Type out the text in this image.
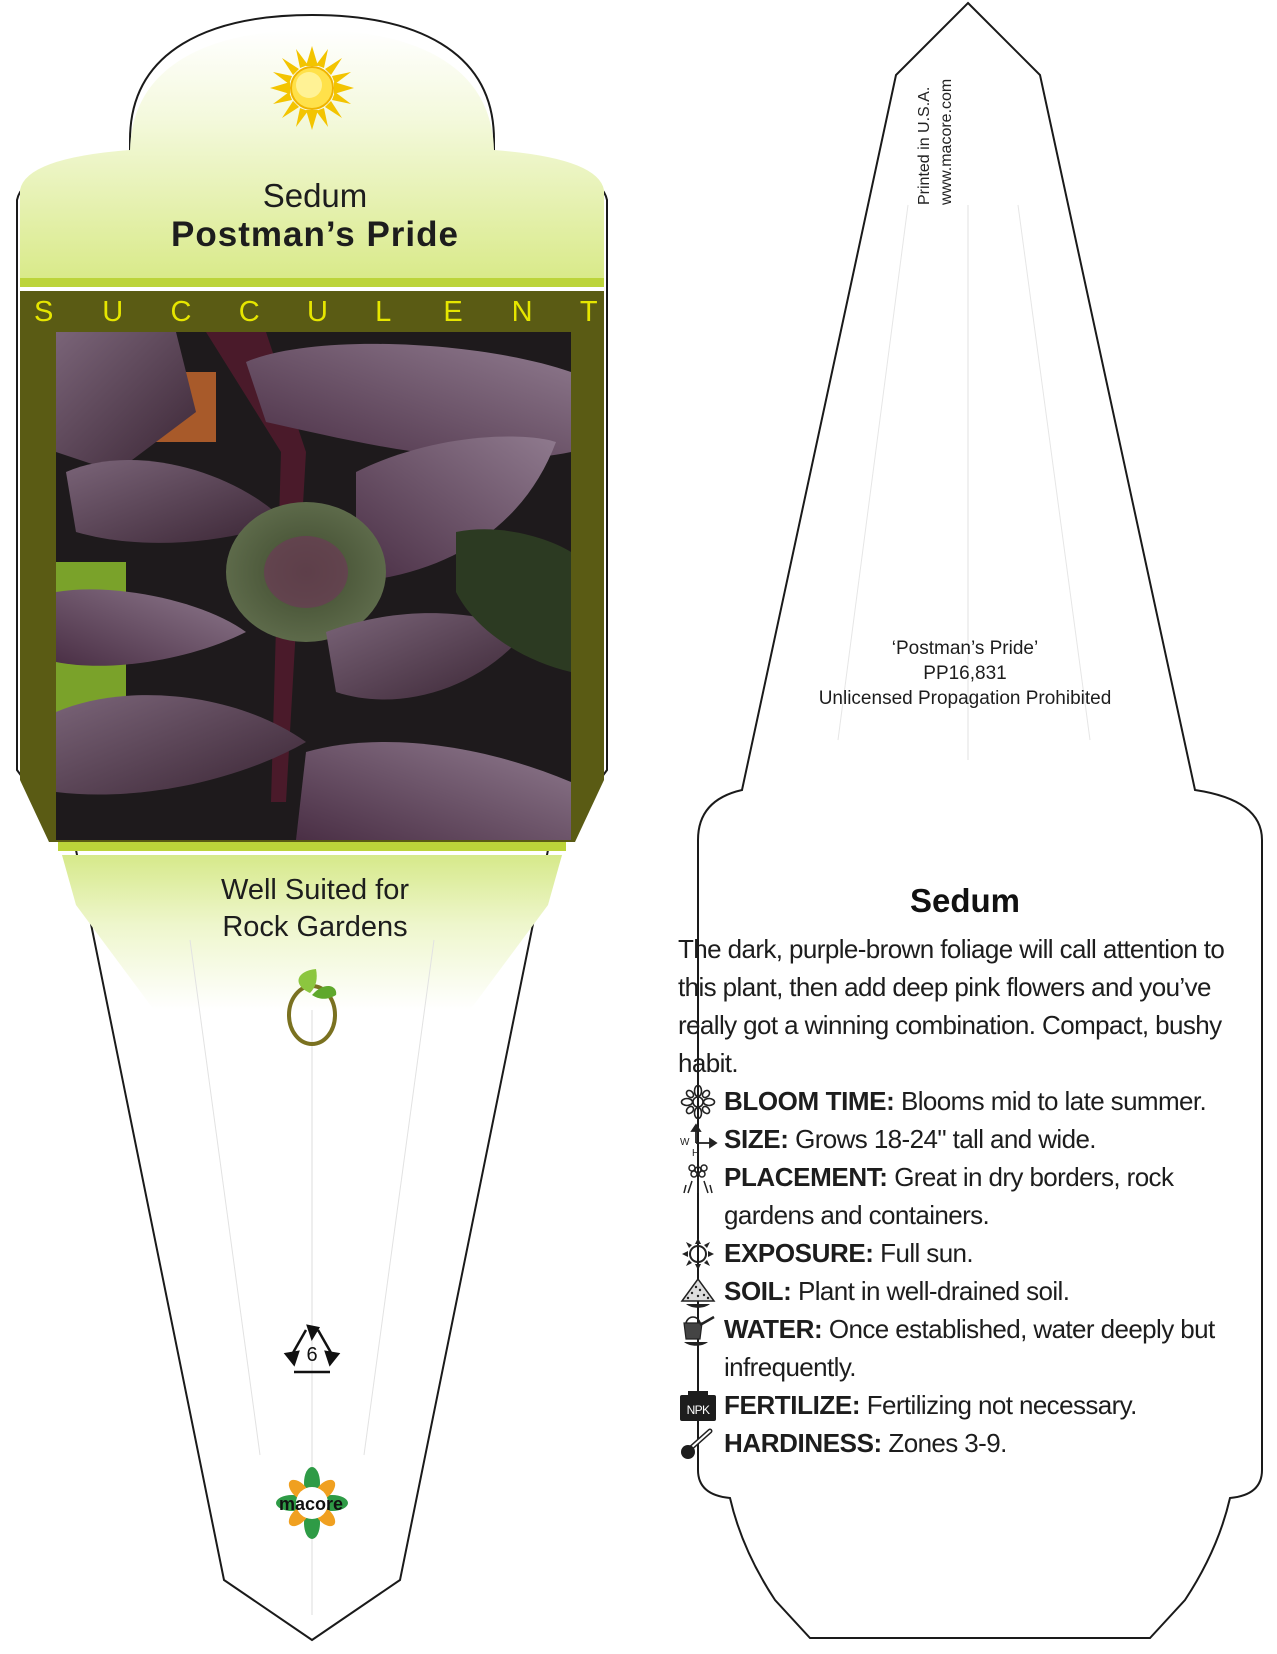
Sedum
Postman’s Pride
S U C C U L E N T
Well Suited for
Rock Gardens
6
macore
Printed in U.S.A. www.macore.com
‘Postman’s Pride’
PP16,831
Unlicensed Propagation Prohibited
Sedum

The dark, purple-brown foliage will call attention to this plant, then add deep pink flowers and you’ve really got a winning combination. Compact, bushy habit.

BLOOM TIME: Blooms mid to late summer.

W
H SIZE: Grows 18-24" tall and wide.

PLACEMENT: Great in dry borders, rock gardens and containers.

EXPOSURE: Full sun.

SOIL: Plant in well-drained soil.

WATER: Once established, water deeply but infrequently.

NPK FERTILIZE: Fertilizing not necessary.

HARDINESS: Zones 3-9.
